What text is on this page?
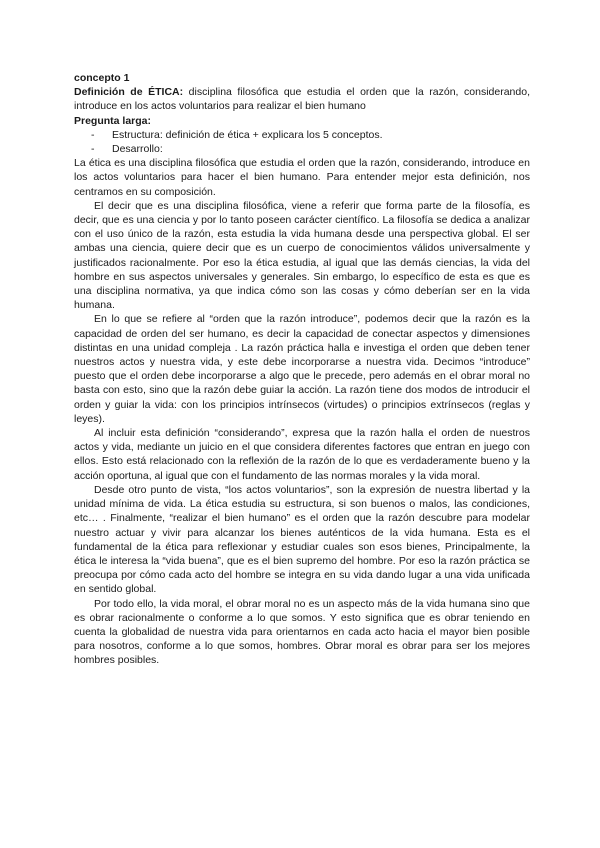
concepto 1

Definición de ÉTICA: disciplina filosófica que estudia el orden que la razón, considerando, introduce en los actos voluntarios para realizar el bien humano

Pregunta larga:

- Estructura: definición de ética + explicara los 5 conceptos.
- Desarrollo:

La ética es una disciplina filosófica que estudia el orden que la razón, considerando, introduce en los actos voluntarios para hacer el bien humano. Para entender mejor esta definición, nos centramos en su composición.

El decir que es una disciplina filosófica, viene a referir que forma parte de la filosofía, es decir, que es una ciencia y por lo tanto poseen carácter científico. La filosofía se dedica a analizar con el uso único de la razón, esta estudia la vida humana desde una perspectiva global. El ser ambas una ciencia, quiere decir que es un cuerpo de conocimientos válidos universalmente y justificados racionalmente. Por eso la ética estudia, al igual que las demás ciencias, la vida del hombre en sus aspectos universales y generales. Sin embargo, lo específico de esta es que es una disciplina normativa, ya que indica cómo son las cosas y cómo deberían ser en la vida humana.

En lo que se refiere al “orden que la razón introduce”, podemos decir que la razón es la capacidad de orden del ser humano, es decir la capacidad de conectar aspectos y dimensiones distintas en una unidad compleja . La razón práctica halla e investiga el orden que deben tener nuestros actos y nuestra vida, y este debe incorporarse a nuestra vida. Decimos “introduce” puesto que el orden debe incorporarse a algo que le precede, pero además en el obrar moral no basta con esto, sino que la razón debe guiar la acción. La razón tiene dos modos de introducir el orden y guiar la vida: con los principios intrínsecos (virtudes) o principios extrínsecos (reglas y leyes).

Al incluir esta definición “considerando”, expresa que la razón halla el orden de nuestros actos y vida, mediante un juicio en el que considera diferentes factores que entran en juego con ellos. Esto está relacionado con la reflexión de la razón de lo que es verdaderamente bueno y la acción oportuna, al igual que con el fundamento de las normas morales y la vida moral.

Desde otro punto de vista, “los actos voluntarios”, son la expresión de nuestra libertad y la unidad mínima de vida. La ética estudia su estructura, si son buenos o malos, las condiciones, etc… . Finalmente, “realizar el bien humano” es el orden que la razón descubre para modelar nuestro actuar y vivir para alcanzar los bienes auténticos de la vida humana. Esta es el fundamental de la ética para reflexionar y estudiar cuales son esos bienes, Principalmente, la ética le interesa la “vida buena”, que es el bien supremo del hombre. Por eso la razón práctica se preocupa por cómo cada acto del hombre se integra en su vida dando lugar a una vida unificada en sentido global.

Por todo ello, la vida moral, el obrar moral no es un aspecto más de la vida humana sino que es obrar racionalmente o conforme a lo que somos. Y esto significa que es obrar teniendo en cuenta la globalidad de nuestra vida para orientarnos en cada acto hacia el mayor bien posible para nosotros, conforme a lo que somos, hombres. Obrar moral es obrar para ser los mejores hombres posibles.
